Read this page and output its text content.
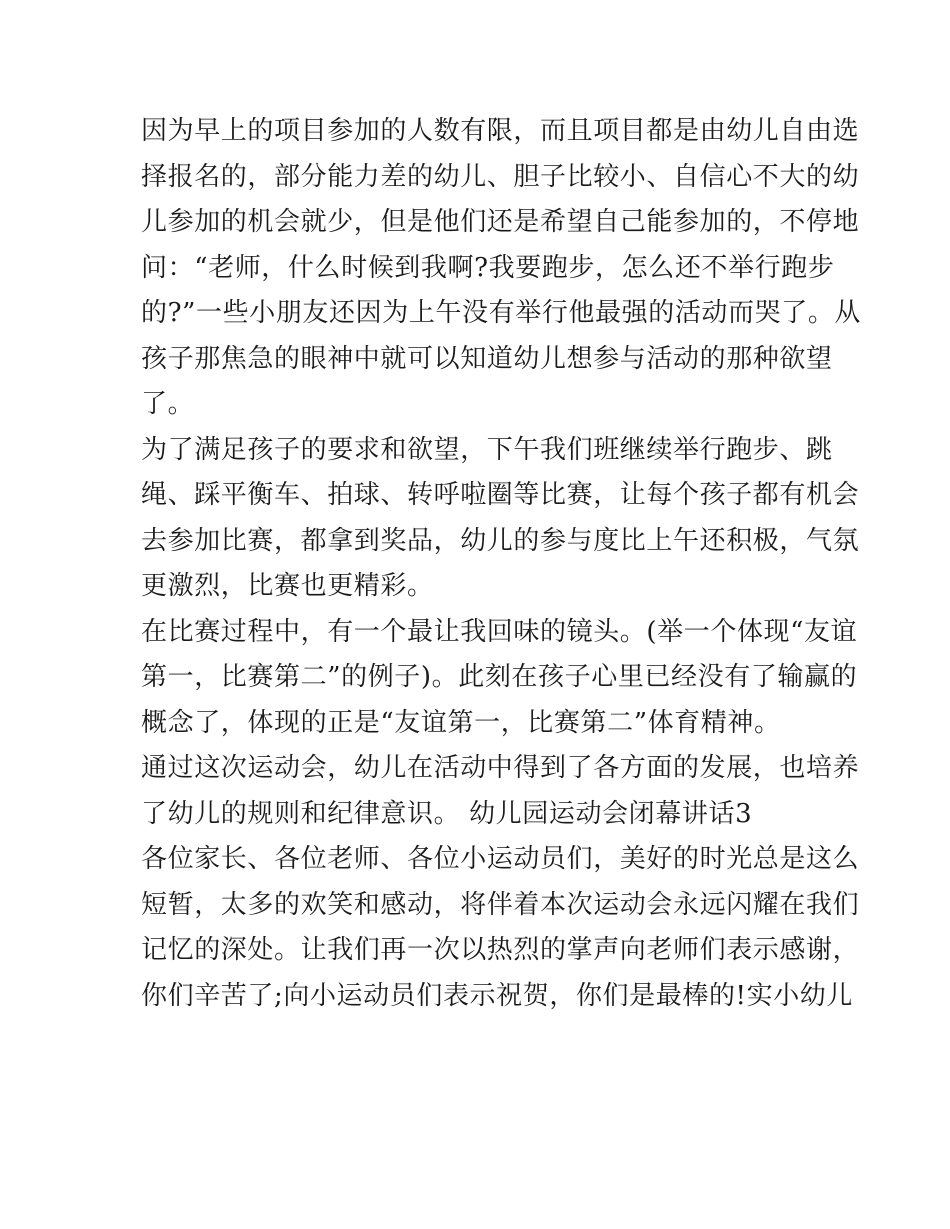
因为早上的项目参加的人数有限，而且项目都是由幼儿自由选
择报名的，部分能力差的幼儿、胆子比较小、自信心不大的幼
儿参加的机会就少，但是他们还是希望自己能参加的，不停地
问：“老师，什么时候到我啊?我要跑步，怎么还不举行跑步
的?”一些小朋友还因为上午没有举行他最强的活动而哭了。从
孩子那焦急的眼神中就可以知道幼儿想参与活动的那种欲望
了。
为了满足孩子的要求和欲望，下午我们班继续举行跑步、跳
绳、踩平衡车、拍球、转呼啦圈等比赛，让每个孩子都有机会
去参加比赛，都拿到奖品，幼儿的参与度比上午还积极，气氛
更激烈，比赛也更精彩。
在比赛过程中，有一个最让我回味的镜头。(举一个体现“友谊
第一，比赛第二”的例子)。此刻在孩子心里已经没有了输赢的
概念了，体现的正是“友谊第一，比赛第二”体育精神。
通过这次运动会，幼儿在活动中得到了各方面的发展，也培养
了幼儿的规则和纪律意识。 幼儿园运动会闭幕讲话3
各位家长、各位老师、各位小运动员们，美好的时光总是这么
短暂，太多的欢笑和感动，将伴着本次运动会永远闪耀在我们
记忆的深处。让我们再一次以热烈的掌声向老师们表示感谢，
你们辛苦了;向小运动员们表示祝贺，你们是最棒的!实小幼儿
